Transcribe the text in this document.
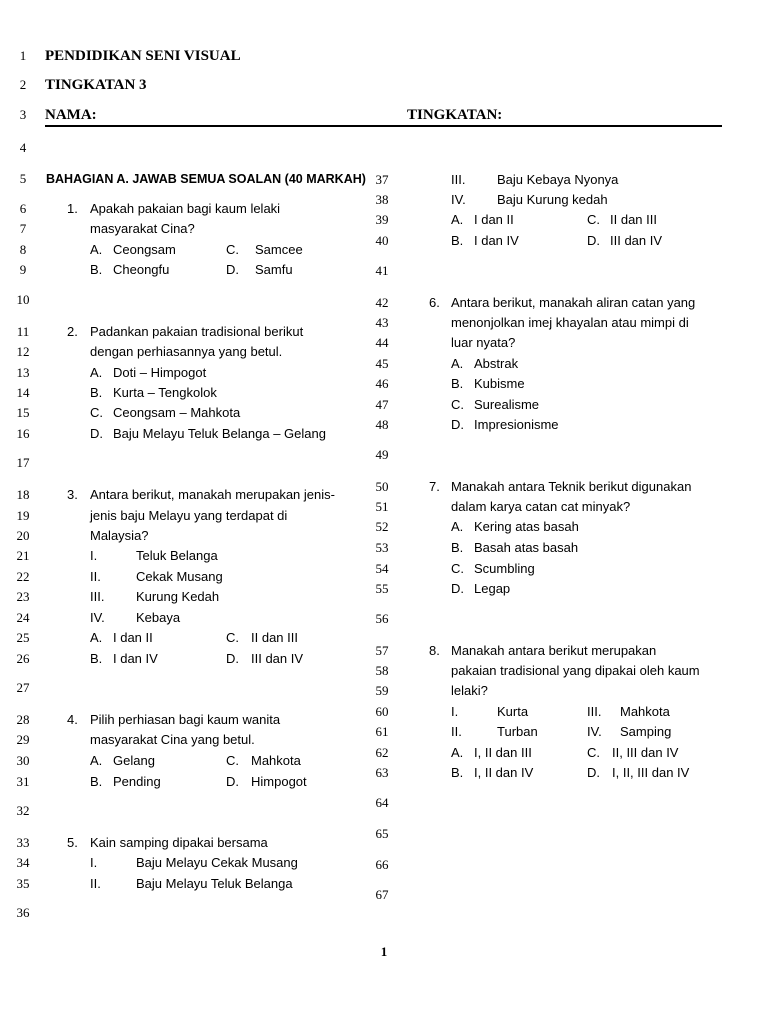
PENDIDIKAN SENI VISUAL
TINGKATAN 3
NAMA:	TINGKATAN:
1
2
3
4
5
6
7
8
9
10
11
12
13
14
15
16
17
18
19
20
21
22
23
24
25
26
27
28
29
30
31
32
33
34
35
36
37
38
39
40
41
42
43
44
45
46
47
48
49
50
51
52
53
54
55
56
57
58
59
60
61
62
63
64
65
66
67
BAHAGIAN A. JAWAB SEMUA SOALAN (40 MARKAH)
1. Apakah pakaian bagi kaum lelaki
masyarakat Cina?
A. Ceongsam	C. Samcee
B. Cheongfu	D. Samfu
2. Padankan pakaian tradisional berikut
dengan perhiasannya yang betul.
A. Doti – Himpogot
B. Kurta – Tengkolok
C. Ceongsam – Mahkota
D. Baju Melayu Teluk Belanga – Gelang
3. Antara berikut, manakah merupakan jenis-
jenis baju Melayu yang terdapat di
Malaysia?
I.	Teluk Belanga
II.	Cekak Musang
III. Kurung Kedah
IV. Kebaya
A. I dan II	C. II dan III
B. I dan IV	D. III dan IV
4. Pilih perhiasan bagi kaum wanita
masyarakat Cina yang betul.
A. Gelang	C. Mahkota
B. Pending	D. Himpogot
5. Kain samping dipakai bersama
I.	Baju Melayu Cekak Musang
II.	Baju Melayu Teluk Belanga
III. Baju Kebaya Nyonya
IV. Baju Kurung kedah
A. I dan II	C. II dan III
B. I dan IV	D. III dan IV
6. Antara berikut, manakah aliran catan yang
menonjolkan imej khayalan atau mimpi di
luar nyata?
A. Abstrak
B. Kubisme
C. Surealisme
D. Impresionisme
7. Manakah antara Teknik berikut digunakan
dalam karya catan cat minyak?
A. Kering atas basah
B. Basah atas basah
C. Scumbling
D. Legap
8. Manakah antara berikut merupakan
pakaian tradisional yang dipakai oleh kaum
lelaki?
I.	Kurta	III. Mahkota
II.	Turban	IV. Samping
A. I, II dan III	C. II, III dan IV
B. I, II dan IV	D. I, II, III dan IV
1
